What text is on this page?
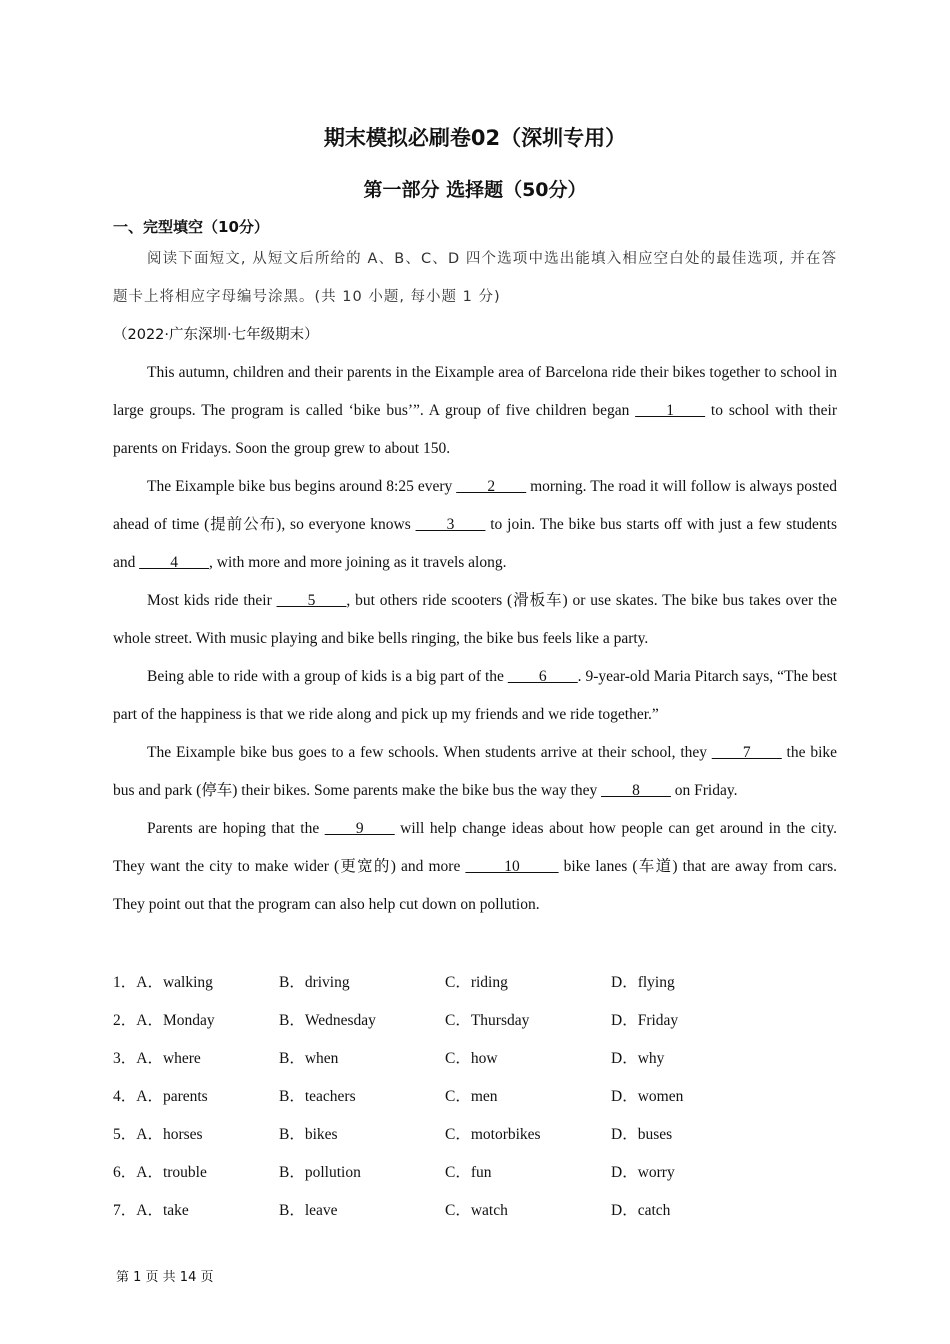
期末模拟必刷卷02（深圳专用）
第一部分 选择题（50分）
一、完型填空（10分）

阅读下面短文, 从短文后所给的 A、B、C、D 四个选项中选出能填入相应空白处的最佳选项, 并在答题卡上将相应字母编号涂黑。(共 10 小题, 每小题 1 分)

（2022·广东深圳·七年级期末）

This autumn, children and their parents in the Eixample area of Barcelona ride their bikes together to school in large groups. The program is called ‘bike bus’”. A group of five children began ____1____ to school with their parents on Fridays. Soon the group grew to about 150.

The Eixample bike bus begins around 8:25 every ____2____ morning. The road it will follow is always posted ahead of time (提前公布), so everyone knows ____3____ to join. The bike bus starts off with just a few students and ____4____, with more and more joining as it travels along.

Most kids ride their ____5____, but others ride scooters (滑板车) or use skates. The bike bus takes over the whole street. With music playing and bike bells ringing, the bike bus feels like a party.

Being able to ride with a group of kids is a big part of the ____6____. 9-year-old Maria Pitarch says, “The best part of the happiness is that we ride along and pick up my friends and we ride together.”

The Eixample bike bus goes to a few schools. When students arrive at their school, they ____7____ the bike bus and park (停车) their bikes. Some parents make the bike bus the way they ____8____ on Friday.

Parents are hoping that the ____9____ will help change ideas about how people can get around in the city. They want the city to make wider (更宽的) and more _____10_____ bike lanes (车道) that are away from cars. They point out that the program can also help cut down on pollution.

1．A．walking	B．driving	C．riding	D．flying
2．A．Monday	B．Wednesday	C．Thursday	D．Friday
3．A．where	B．when	C．how	D．why
4．A．parents	B．teachers	C．men	D．women
5．A．horses	B．bikes	C．motorbikes	D．buses
6．A．trouble	B．pollution	C．fun	D．worry
7．A．take	B．leave	C．watch	D．catch
第 1 页 共 14 页
